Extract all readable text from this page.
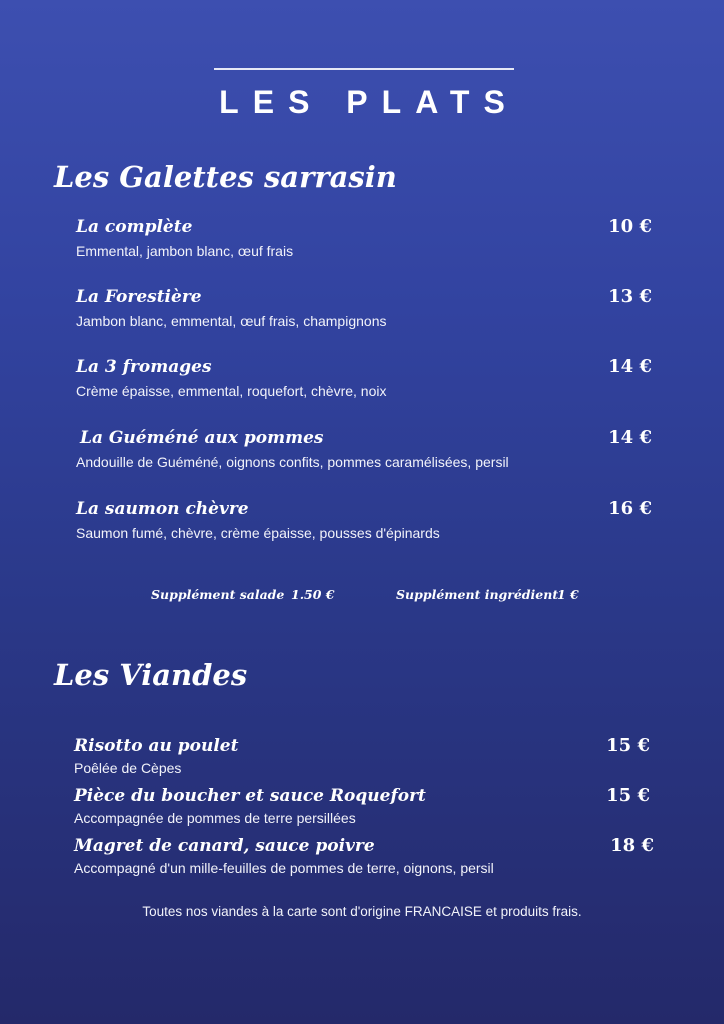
LES PLATS
Les Galettes sarrasin
La complète	10 €
Emmental, jambon blanc, œuf frais
La Forestière	13 €
Jambon blanc, emmental, œuf frais, champignons
La 3 fromages	14 €
Crème épaisse, emmental, roquefort, chèvre, noix
La Guéméné aux pommes	14 €
Andouille de Guéméné, oignons confits, pommes caramélisées, persil
La saumon chèvre	16 €
Saumon fumé, chèvre, crème épaisse, pousses d'épinards
Supplément salade 1.50 €	Supplément ingrédient
1 €
Les Viandes
Risotto au poulet	15 €
Poêlée de Cèpes
Pièce du boucher et sauce Roquefort	15 €
Accompagnée de pommes de terre persillées
Magret de canard, sauce poivre	18 €
Accompagné d'un mille-feuilles de pommes de terre, oignons, persil
Toutes nos viandes à la carte sont d'origine FRANCAISE et produits frais.
